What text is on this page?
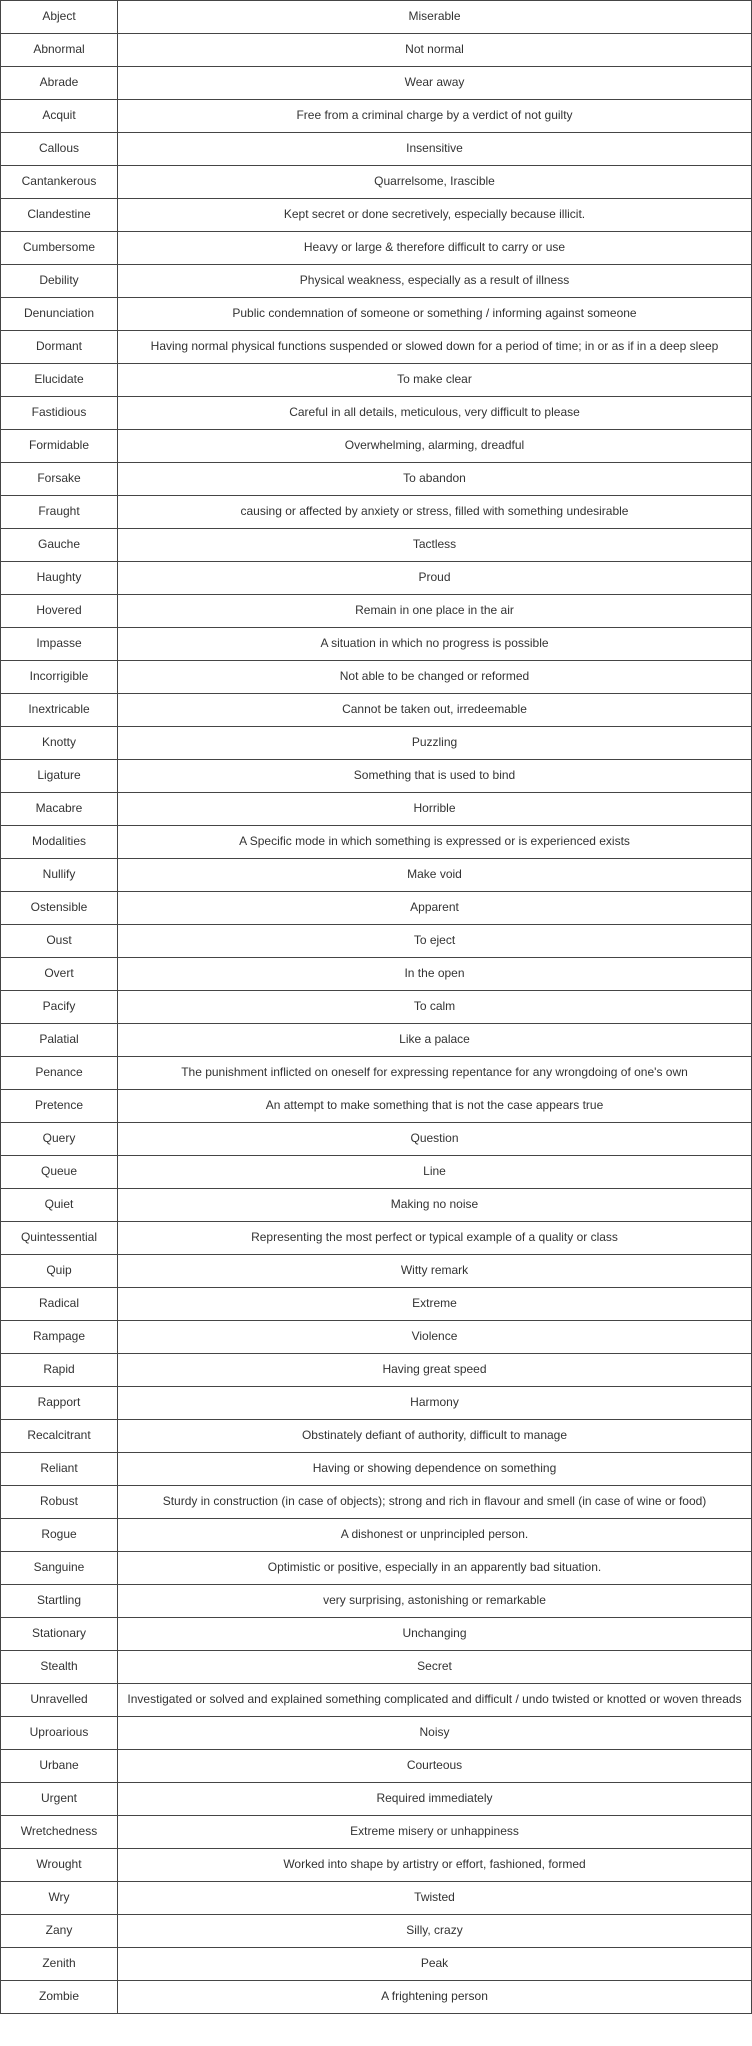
Abject	Miserable
Abnormal	Not normal
Abrade	Wear away
Acquit	Free from a criminal charge by a verdict of not guilty
Callous	Insensitive
Cantankerous	Quarrelsome, Irascible
Clandestine	Kept secret or done secretively, especially because illicit.
Cumbersome	Heavy or large & therefore difficult to carry or use
Debility	Physical weakness, especially as a result of illness
Denunciation	Public condemnation of someone or something / informing against someone
Dormant	Having normal physical functions suspended or slowed down for a period of time; in or as if in a deep sleep
Elucidate	To make clear
Fastidious	Careful in all details, meticulous, very difficult to please
Formidable	Overwhelming, alarming, dreadful
Forsake	To abandon
Fraught	causing or affected by anxiety or stress, filled with something undesirable
Gauche	Tactless
Haughty	Proud
Hovered	Remain in one place in the air
Impasse	A situation in which no progress is possible
Incorrigible	Not able to be changed or reformed
Inextricable	Cannot be taken out, irredeemable
Knotty	Puzzling
Ligature	Something that is used to bind
Macabre	Horrible
Modalities	A Specific mode in which something is expressed or is experienced exists
Nullify	Make void
Ostensible	Apparent
Oust	To eject
Overt	In the open
Pacify	To calm
Palatial	Like a palace
Penance	The punishment inflicted on oneself for expressing repentance for any wrongdoing of one's own
Pretence	An attempt to make something that is not the case appears true
Query	Question
Queue	Line
Quiet	Making no noise
Quintessential	Representing the most perfect or typical example of a quality or class
Quip	Witty remark
Radical	Extreme
Rampage	Violence
Rapid	Having great speed
Rapport	Harmony
Recalcitrant	Obstinately defiant of authority, difficult to manage
Reliant	Having or showing dependence on something
Robust	Sturdy in construction (in case of objects); strong and rich in flavour and smell (in case of wine or food)
Rogue	A dishonest or unprincipled person.
Sanguine	Optimistic or positive, especially in an apparently bad situation.
Startling	very surprising, astonishing or remarkable
Stationary	Unchanging
Stealth	Secret
Unravelled	Investigated or solved and explained something complicated and difficult / undo twisted or knotted or woven threads
Uproarious	Noisy
Urbane	Courteous
Urgent	Required immediately
Wretchedness	Extreme misery or unhappiness
Wrought	Worked into shape by artistry or effort, fashioned, formed
Wry	Twisted
Zany	Silly, crazy
Zenith	Peak
Zombie	A frightening person
